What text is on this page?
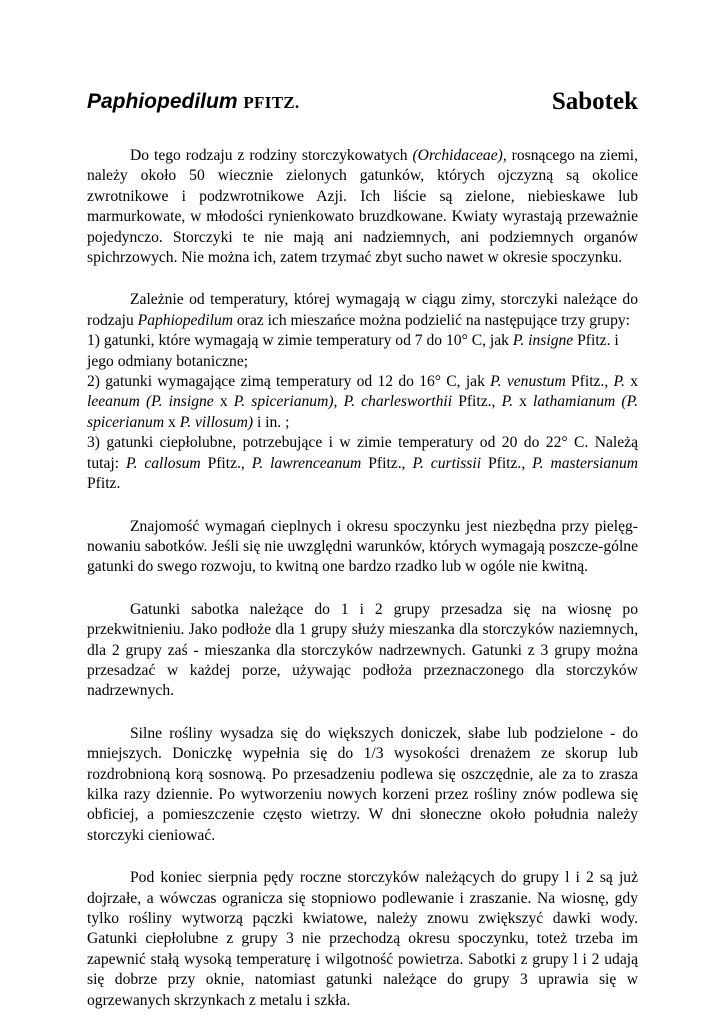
Paphiopedilum PFITZ.	Sabotek

Do tego rodzaju z rodziny storczykowatych (Orchidaceae), rosnącego na ziemi, należy około 50 wiecznie zielonych gatunków, których ojczyzną są okolice zwrotnikowe i podzwrotnikowe Azji. Ich liście są zielone, niebieskawe lub marmurkowate, w młodości rynienkowato bruzdkowane. Kwiaty wyrastają przeważnie pojedynczo. Storczyki te nie mają ani nadziemnych, ani podziemnych organów spichrzowych. Nie można ich, zatem trzymać zbyt sucho nawet w okresie spoczynku.

Zależnie od temperatury, której wymagają w ciągu zimy, storczyki należące do rodzaju Paphiopedilum oraz ich mieszańce można podzielić na następujące trzy grupy:

1) gatunki, które wymagają w zimie temperatury od 7 do 10° C, jak P. insigne Pfitz. i jego odmiany botaniczne;

2) gatunki wymagające zimą temperatury od 12 do 16° C, jak P. venustum Pfitz., P. x leeanum (P. insigne x P. spicerianum), P. charlesworthii Pfitz., P. x lathamianum (P. spicerianum x P. villosum) i in. ;

3) gatunki ciepłolubne, potrzebujące i w zimie temperatury od 20 do 22° C. Należą tutaj: P. callosum Pfitz., P. lawrenceanum Pfitz., P. curtissii Pfitz., P. mastersianum Pfitz.

Znajomość wymagań cieplnych i okresu spoczynku jest niezbędna przy pielęg-nowaniu sabotków. Jeśli się nie uwzględni warunków, których wymagają poszcze-gólne gatunki do swego rozwoju, to kwitną one bardzo rzadko lub w ogóle nie kwitną.

Gatunki sabotka należące do 1 i 2 grupy przesadza się na wiosnę po przekwitnieniu. Jako podłoże dla 1 grupy służy mieszanka dla storczyków naziemnych, dla 2 grupy zaś - mieszanka dla storczyków nadrzewnych. Gatunki z 3 grupy można przesadzać w każdej porze, używając podłoża przeznaczonego dla storczyków nadrzewnych.

Silne rośliny wysadza się do większych doniczek, słabe lub podzielone - do mniejszych. Doniczkę wypełnia się do 1/3 wysokości drenażem ze skorup lub rozdrobnioną korą sosnową. Po przesadzeniu podlewa się oszczędnie, ale za to zrasza kilka razy dziennie. Po wytworzeniu nowych korzeni przez rośliny znów podlewa się obficiej, a pomieszczenie często wietrzy. W dni słoneczne około południa należy storczyki cieniować.

Pod koniec sierpnia pędy roczne storczyków należących do grupy l i 2 są już dojrzałe, a wówczas ogranicza się stopniowo podlewanie i zraszanie. Na wiosnę, gdy tylko rośliny wytworzą pączki kwiatowe, należy znowu zwiększyć dawki wody. Gatunki ciepłolubne z grupy 3 nie przechodzą okresu spoczynku, toteż trzeba im zapewnić stałą wysoką temperaturę i wilgotność powietrza. Sabotki z grupy l i 2 udają się dobrze przy oknie, natomiast gatunki należące do grupy 3 uprawia się w ogrzewanych skrzynkach z metalu i szkła.
